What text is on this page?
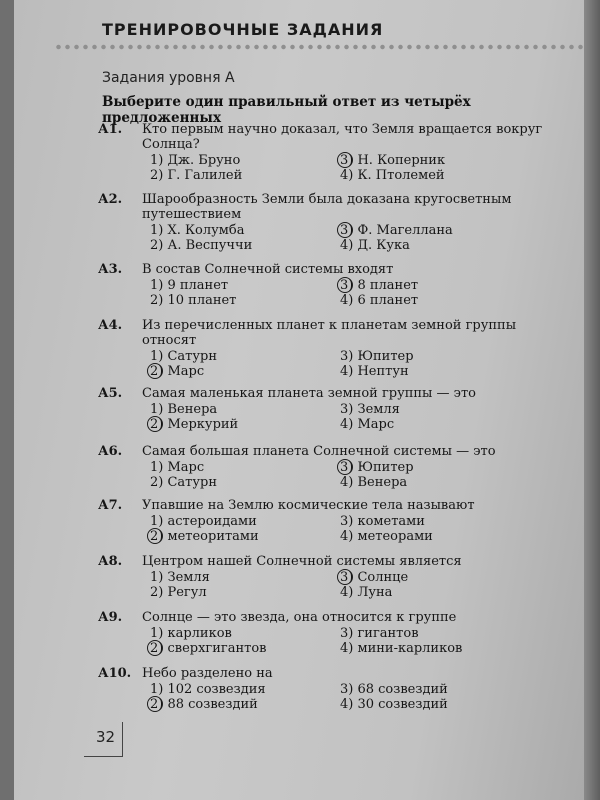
ТРЕНИРОВОЧНЫЕ ЗАДАНИЯ
Задания уровня А
Выберите один правильный ответ из четырёх предложенных
А1. Кто первым научно доказал, что Земля вращается вокруг Солнца?
1) Дж. Бруно
2) Г. Галилей
3) Н. Коперник
4) К. Птолемей
А2. Шарообразность Земли была доказана кругосветным путешествием
1) Х. Колумба
2) А. Веспуччи
3) Ф. Магеллана
4) Д. Кука
А3. В состав Солнечной системы входят
1) 9 планет
2) 10 планет
3) 8 планет
4) 6 планет
А4. Из перечисленных планет к планетам земной группы относят
1) Сатурн
2) Марс
3) Юпитер
4) Нептун
А5. Самая маленькая планета земной группы — это
1) Венера
2) Меркурий
3) Земля
4) Марс
А6. Самая большая планета Солнечной системы — это
1) Марс
2) Сатурн
3) Юпитер
4) Венера
А7. Упавшие на Землю космические тела называют
1) астероидами
2) метеоритами
3) кометами
4) метеорами
А8. Центром нашей Солнечной системы является
1) Земля
2) Регул
3) Солнце
4) Луна
А9. Солнце — это звезда, она относится к группе
1) карликов
2) сверхгигантов
3) гигантов
4) мини-карликов
А10. Небо разделено на
1) 102 созвездия
2) 88 созвездий
3) 68 созвездий
4) 30 созвездий
32
